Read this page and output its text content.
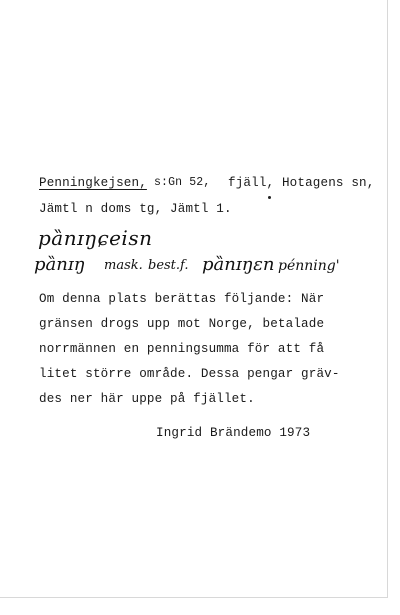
Penningkejsen, s:Gn 52, fjäll, Hotagens sn,
Jämtl n doms tg, Jämtl 1.
pȁnɪŋɕeisn
pȁnɪŋ mask. best.f. pȁnɪŋɛn pénning'
Om denna plats berättas följande: När
gränsen drogs upp mot Norge, betalade
norrmännen en penningsumma för att få
litet större område. Dessa pengar gräv-
des ner här uppe på fjället.
Ingrid Brändemo 1973
